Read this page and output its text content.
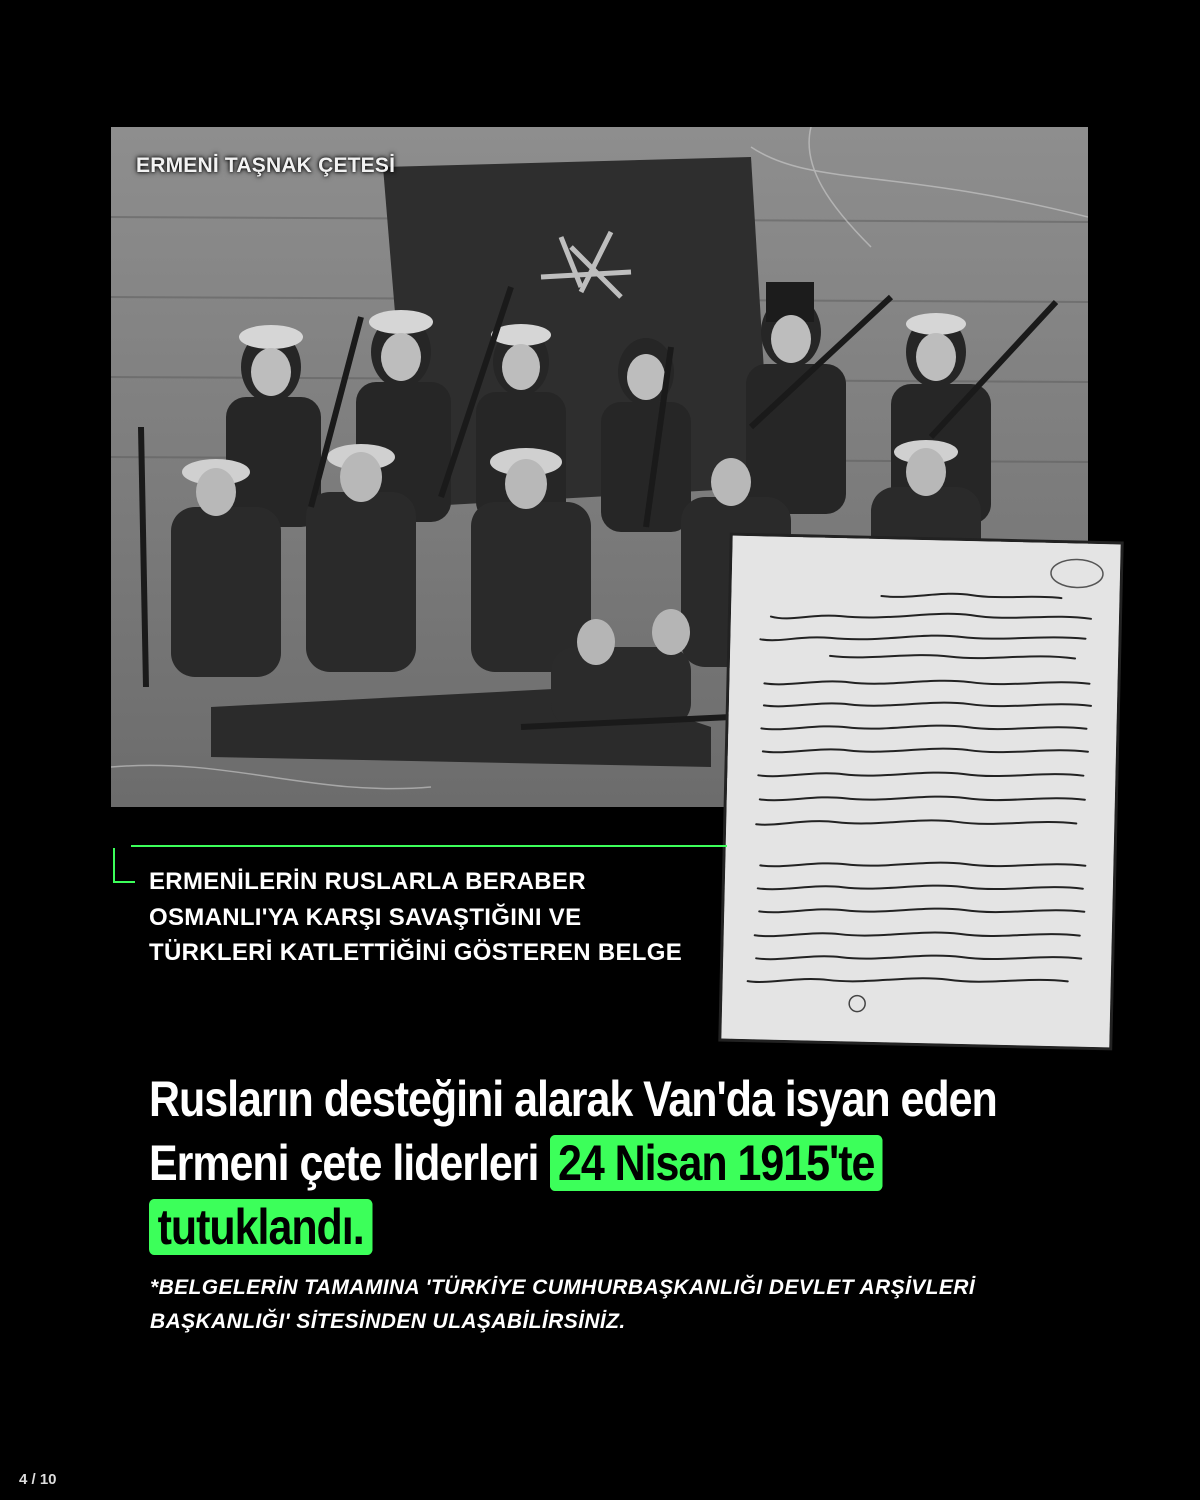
ERMENİ TAŞNAK ÇETESİ
ERMENİLERİN RUSLARLA BERABER OSMANLI'YA KARŞI SAVAŞTIĞINI VE TÜRKLERİ KATLETTİĞİNİ GÖSTEREN BELGE
Rusların desteğini alarak Van'da isyan eden Ermeni çete liderleri 24 Nisan 1915'te tutuklandı.
*BELGELERİN TAMAMINA 'TÜRKİYE CUMHURBAŞKANLIĞI DEVLET ARŞİVLERİ BAŞKANLIĞI' SİTESİNDEN ULAŞABİLİRSİNİZ.
4 / 10
